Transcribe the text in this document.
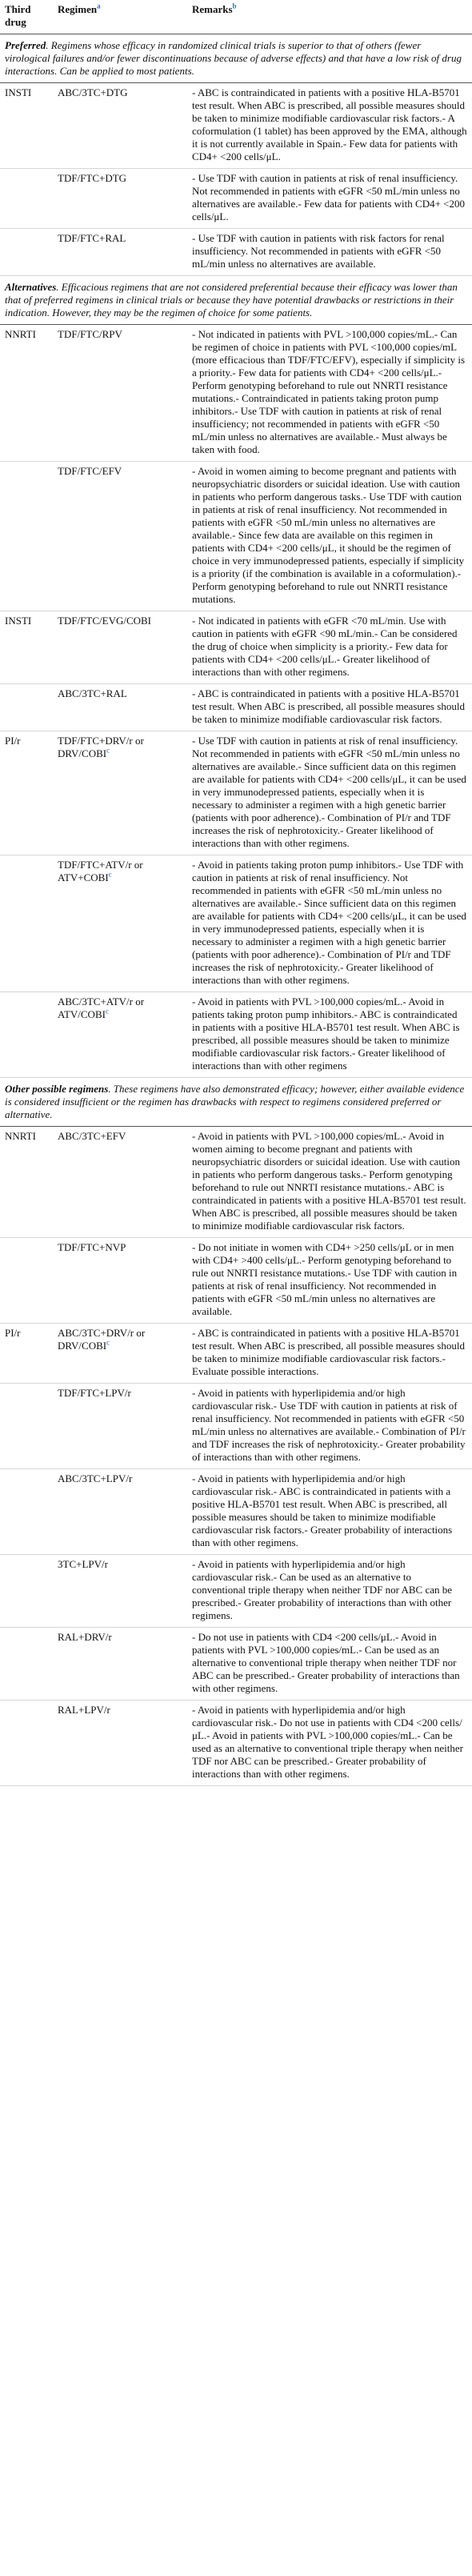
Third drug	Regimen$^a$	Remarks$^b$
Preferred. Regimens whose efficacy in randomized clinical trials is superior to that of others (fewer virological failures and/or fewer discontinuations because of adverse effects) and that have a low risk of drug interactions. Can be applied to most patients.		
INSTI	ABC/3TC+DTG	- ABC is contraindicated in patients with a positive HLA-B5701 test result. When ABC is prescribed, all possible measures should be taken to minimize modifiable cardiovascular risk factors.- A coformulation (1 tablet) has been approved by the EMA, although it is not currently available in Spain.- Few data for patients with CD4+ <200 cells/μL.
	TDF/FTC+DTG	- Use TDF with caution in patients at risk of renal insufficiency. Not recommended in patients with eGFR <50 mL/min unless no alternatives are available.- Few data for patients with CD4+ <200 cells/μL.
	TDF/FTC+RAL	- Use TDF with caution in patients with risk factors for renal insufficiency. Not recommended in patients with eGFR <50 mL/min unless no alternatives are available.
Alternatives. Efficacious regimens that are not considered preferential because their efficacy was lower than that of preferred regimens in clinical trials or because they have potential drawbacks or restrictions in their indication. However, they may be the regimen of choice for some patients.		
NNRTI	TDF/FTC/RPV	- Not indicated in patients with PVL >100,000 copies/mL.- Can be regimen of choice in patients with PVL <100,000 copies/mL (more efficacious than TDF/FTC/EFV), especially if simplicity is a priority.- Few data for patients with CD4+ <200 cells/μL.- Perform genotyping beforehand to rule out NNRTI resistance mutations.- Contraindicated in patients taking proton pump inhibitors.- Use TDF with caution in patients at risk of renal insufficiency; not recommended in patients with eGFR <50 mL/min unless no alternatives are available.- Must always be taken with food.
	TDF/FTC/EFV	- Avoid in women aiming to become pregnant and patients with neuropsychiatric disorders or suicidal ideation. Use with caution in patients who perform dangerous tasks.- Use TDF with caution in patients at risk of renal insufficiency. Not recommended in patients with eGFR <50 mL/min unless no alternatives are available.- Since few data are available on this regimen in patients with CD4+ <200 cells/μL, it should be the regimen of choice in very immunodepressed patients, especially if simplicity is a priority (if the combination is available in a coformulation).- Perform genotyping beforehand to rule out NNRTI resistance mutations.
INSTI	TDF/FTC/EVG/COBI	- Not indicated in patients with eGFR <70 mL/min. Use with caution in patients with eGFR <90 mL/min.- Can be considered the drug of choice when simplicity is a priority.- Few data for patients with CD4+ <200 cells/μL.- Greater likelihood of interactions than with other regimens.
	ABC/3TC+RAL	- ABC is contraindicated in patients with a positive HLA-B5701 test result. When ABC is prescribed, all possible measures should be taken to minimize modifiable cardiovascular risk factors.
PI/r	TDF/FTC+DRV/r or DRV/COBI$^c$	- Use TDF with caution in patients at risk of renal insufficiency. Not recommended in patients with eGFR <50 mL/min unless no alternatives are available.- Since sufficient data on this regimen are available for patients with CD4+ <200 cells/μL, it can be used in very immunodepressed patients, especially when it is necessary to administer a regimen with a high genetic barrier (patients with poor adherence).- Combination of PI/r and TDF increases the risk of nephrotoxicity.- Greater likelihood of interactions than with other regimens.
	TDF/FTC+ATV/r or $ATV+COBI^c$	- Avoid in patients taking proton pump inhibitors.- Use TDF with caution in patients at risk of renal insufficiency. Not recommended in patients with eGFR <50 mL/min unless no alternatives are available.- Since sufficient data on this regimen are available for patients with CD4+ <200 cells/μL, it can be used in very immunodepressed patients, especially when it is necessary to administer a regimen with a high genetic barrier (patients with poor adherence).- Combination of PI/r and TDF increases the risk of nephrotoxicity.- Greater likelihood of interactions than with other regimens.
	ABC/3TC+ATV/r or ATV/COBI$^c$	- Avoid in patients with PVL >100,000 copies/mL.- Avoid in patients taking proton pump inhibitors.- ABC is contraindicated in patients with a positive HLA-B5701 test result. When ABC is prescribed, all possible measures should be taken to minimize modifiable cardiovascular risk factors.- Greater likelihood of interactions than with other regimens
Other possible regimens. These regimens have also demonstrated efficacy; however, either available evidence is considered insufficient or the regimen has drawbacks with respect to regimens considered preferred or alternative.		
NNRTI	ABC/3TC+EFV	- Avoid in patients with PVL >100,000 copies/mL.- Avoid in women aiming to become pregnant and patients with neuropsychiatric disorders or suicidal ideation. Use with caution in patients who perform dangerous tasks.- Perform genotyping beforehand to rule out NNRTI resistance mutations.- ABC is contraindicated in patients with a positive HLA-B5701 test result. When ABC is prescribed, all possible measures should be taken to minimize modifiable cardiovascular risk factors.
	TDF/FTC+NVP	- Do not initiate in women with CD4+ >250 cells/μL or in men with CD4+ >400 cells/μL.- Perform genotyping beforehand to rule out NNRTI resistance mutations.- Use TDF with caution in patients at risk of renal insufficiency. Not recommended in patients with eGFR <50 mL/min unless no alternatives are available.
PI/r	ABC/3TC+DRV/r or DRV/COBI$^c$	- ABC is contraindicated in patients with a positive HLA-B5701 test result. When ABC is prescribed, all possible measures should be taken to minimize modifiable cardiovascular risk factors.- Evaluate possible interactions.
	TDF/FTC+LPV/r	- Avoid in patients with hyperlipidemia and/or high cardiovascular risk.- Use TDF with caution in patients at risk of renal insufficiency. Not recommended in patients with eGFR <50 mL/min unless no alternatives are available.- Combination of PI/r and TDF increases the risk of nephrotoxicity.- Greater probability of interactions than with other regimens.
	ABC/3TC+LPV/r	- Avoid in patients with hyperlipidemia and/or high cardiovascular risk.- ABC is contraindicated in patients with a positive HLA-B5701 test result. When ABC is prescribed, all possible measures should be taken to minimize modifiable cardiovascular risk factors.- Greater probability of interactions than with other regimens.
	3TC+LPV/r	- Avoid in patients with hyperlipidemia and/or high cardiovascular risk.- Can be used as an alternative to conventional triple therapy when neither TDF nor ABC can be prescribed.- Greater probability of interactions than with other regimens.
	RAL+DRV/r	- Do not use in patients with CD4 <200 cells/μL.- Avoid in patients with PVL >100,000 copies/mL.- Can be used as an alternative to conventional triple therapy when neither TDF nor ABC can be prescribed.- Greater probability of interactions than with other regimens.
	RAL+LPV/r	- Avoid in patients with hyperlipidemia and/or high cardiovascular risk.- Do not use in patients with CD4 <200 cells/μL.- Avoid in patients with PVL >100,000 copies/mL.- Can be used as an alternative to conventional triple therapy when neither TDF nor ABC can be prescribed.- Greater probability of interactions than with other regimens.
